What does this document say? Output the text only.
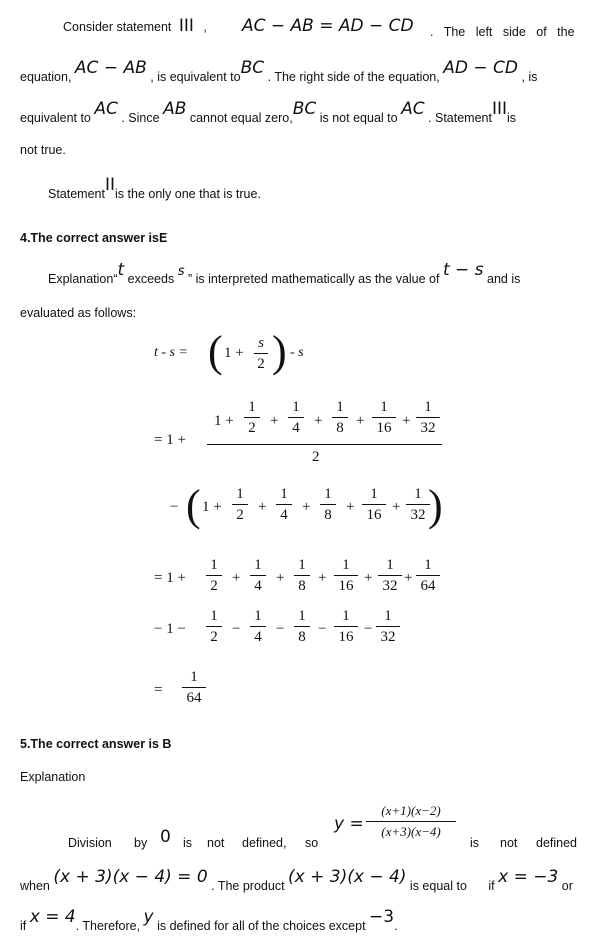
Consider statement III , AC − AB = AD − CD . The left side of the
equation, AC − AB , is equivalent toBC . The right side of the equation, AD − CD , is
equivalent to AC . Since AB cannot equal zero,BC is not equal to AC . StatementIIIis
not true.
StatementIIis the only one that is true.
4.The correct answer isE
Explanation“t exceeds s ” is interpreted mathematically as the value of t − s and is
evaluated as follows:
t - s = ( 1 +
s
2 ) - s
= 1 +
1 +
1
2 +
1
4 +
1
8 +
1
16 +
1
32
2
− ( 1 +
1
2 +
1
4 +
1
8 +
1
16 +
1
32 )
= 1 +
1
2 +
1
4 +
1
8 +
1
16 +
1
32 +
1
64
− 1 −
1
2 −
1
4 −
1
8 −
1
16 −
1
32
=
1
64
5.The correct answer is B
Explanation
Division by 0 is not defined, so
y =
(x+1)(x−2)
(x+3)(x−4)
is not defined
when (x + 3)(x − 4) = 0 . The product (x + 3)(x − 4) is equal to if x = −3 or
if x = 4. Therefore, y is defined for all of the choices except −3.
